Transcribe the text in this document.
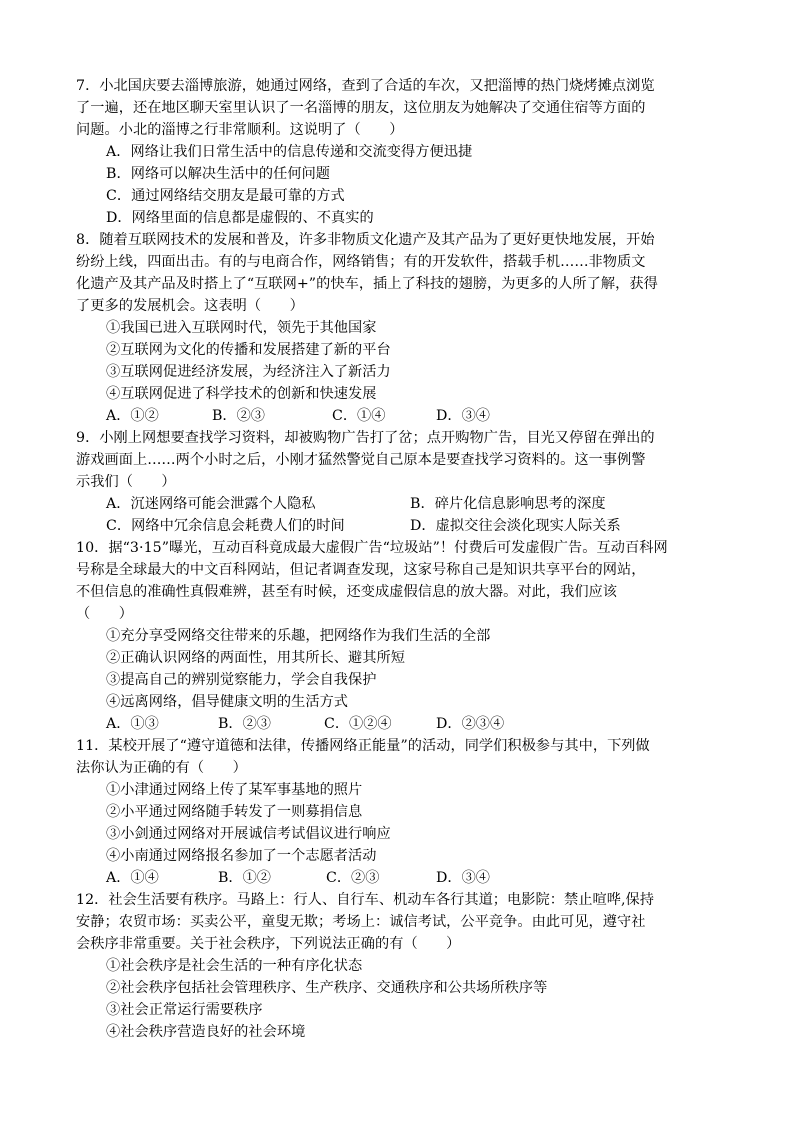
7．小北国庆要去淄博旅游，她通过网络，查到了合适的车次，又把淄博的热门烧烤摊点浏览
了一遍，还在地区聊天室里认识了一名淄博的朋友，这位朋友为她解决了交通住宿等方面的
问题。小北的淄博之行非常顺利。这说明了（　　）
A．网络让我们日常生活中的信息传递和交流变得方便迅捷
B．网络可以解决生活中的任何问题
C．通过网络结交朋友是最可靠的方式
D．网络里面的信息都是虚假的、不真实的
8．随着互联网技术的发展和普及，许多非物质文化遗产及其产品为了更好更快地发展，开始
纷纷上线，四面出击。有的与电商合作，网络销售；有的开发软件，搭载手机……非物质文
化遗产及其产品及时搭上了“互联网+”的快车，插上了科技的翅膀，为更多的人所了解，获得
了更多的发展机会。这表明（　　）
①我国已进入互联网时代，领先于其他国家
②互联网为文化的传播和发展搭建了新的平台
③互联网促进经济发展，为经济注入了新活力
④互联网促进了科学技术的创新和快速发展
A．①②	B．②③	C．①④	D．③④
9．小刚上网想要查找学习资料，却被购物广告打了岔；点开购物广告，目光又停留在弹出的
游戏画面上……两个小时之后，小刚才猛然警觉自己原本是要查找学习资料的。这一事例警
示我们（　　）
A．沉迷网络可能会泄露个人隐私	B．碎片化信息影响思考的深度
C．网络中冗余信息会耗费人们的时间	D．虚拟交往会淡化现实人际关系
10．据“3·15”曝光，互动百科竟成最大虚假广告“垃圾站”！付费后可发虚假广告。互动百科网
号称是全球最大的中文百科网站，但记者调查发现，这家号称自己是知识共享平台的网站，
不但信息的准确性真假难辨，甚至有时候，还变成虚假信息的放大器。对此，我们应该
（　　）
①充分享受网络交往带来的乐趣，把网络作为我们生活的全部
②正确认识网络的两面性，用其所长、避其所短
③提高自己的辨别觉察能力，学会自我保护
④远离网络，倡导健康文明的生活方式
A．①③	B．②③	C．①②④	D．②③④
11．某校开展了“遵守道德和法律，传播网络正能量”的活动，同学们积极参与其中，下列做
法你认为正确的有（　　）
①小津通过网络上传了某军事基地的照片
②小平通过网络随手转发了一则募捐信息
③小剑通过网络对开展诚信考试倡议进行响应
④小南通过网络报名参加了一个志愿者活动
A．①④	B．①②	C．②③	D．③④
12．社会生活要有秩序。马路上：行人、自行车、机动车各行其道；电影院：禁止喧哗,保持
安静；农贸市场：买卖公平，童叟无欺；考场上：诚信考试，公平竞争。由此可见，遵守社
会秩序非常重要。关于社会秩序，下列说法正确的有（　　）
①社会秩序是社会生活的一种有序化状态
②社会秩序包括社会管理秩序、生产秩序、交通秩序和公共场所秩序等
③社会正常运行需要秩序
④社会秩序营造良好的社会环境
